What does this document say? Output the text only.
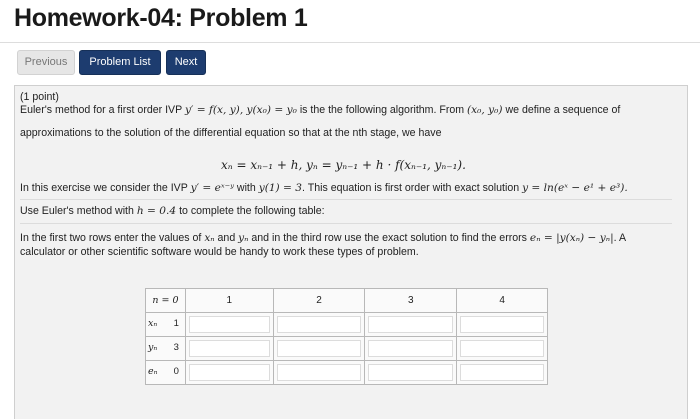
Homework-04: Problem 1
Previous	Problem List	Next
(1 point)
Euler's method for a first order IVP y′ = f(x, y), y(x₀) = y₀ is the the following algorithm. From (x₀, y₀) we define a sequence of
approximations to the solution of the differential equation so that at the nth stage, we have
xₙ = xₙ₋₁ + h, yₙ = yₙ₋₁ + h · f(xₙ₋₁, yₙ₋₁).
In this exercise we consider the IVP y′ = eˣ⁻ʸ with y(1) = 3. This equation is first order with exact solution y = ln(eˣ − e¹ + e³).
Use Euler's method with h = 0.4 to complete the following table:
In the first two rows enter the values of xₙ and yₙ and in the third row use the exact solution to find the errors eₙ = |y(xₙ) − yₙ|. A
calculator or other scientific software would be handy to work these types of problem.
n = 0	1	2	3	4

xₙ 1				

yₙ 3				

eₙ 0				
